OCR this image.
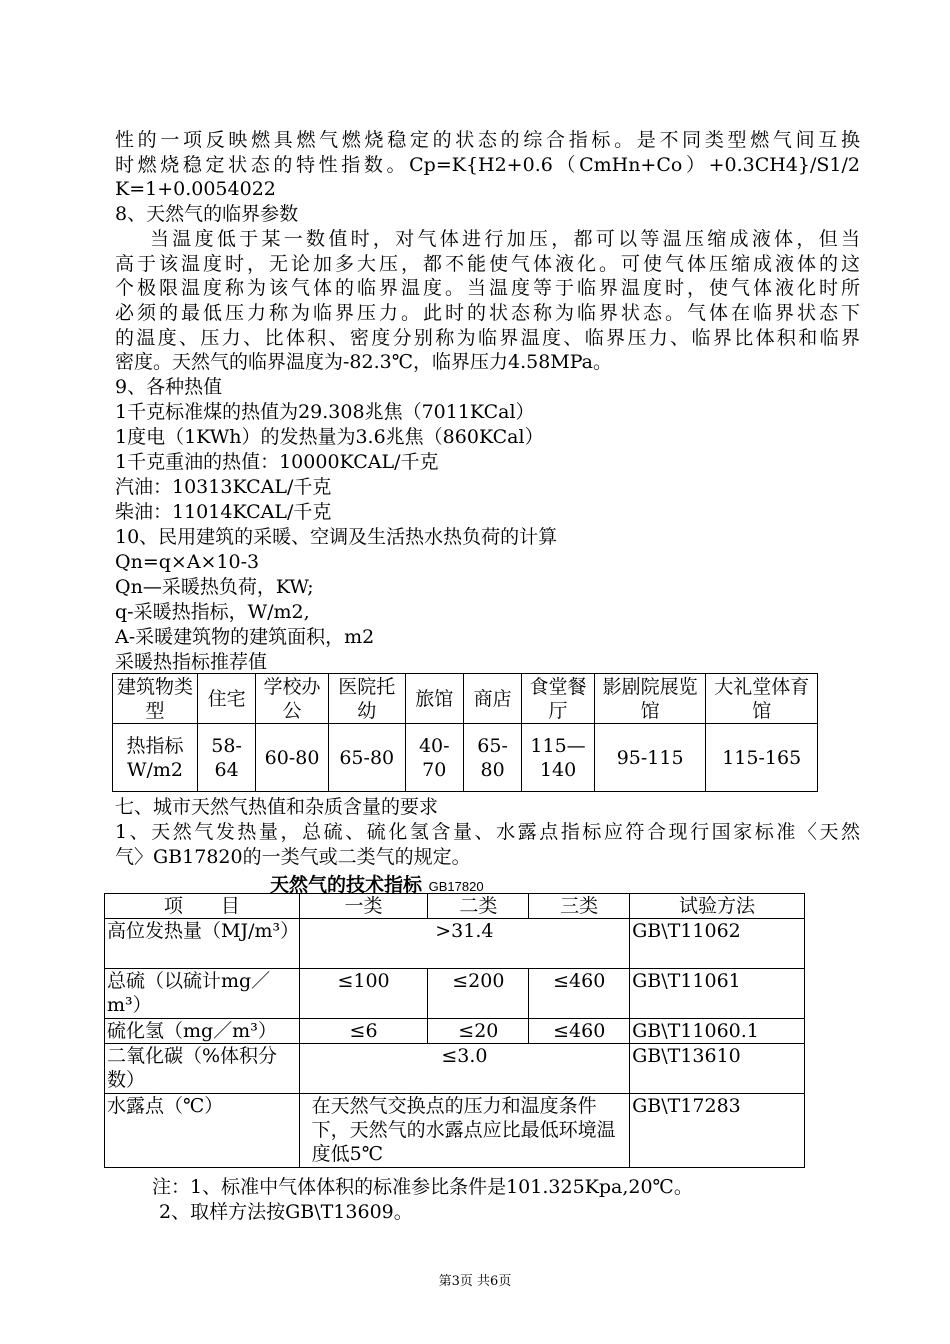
性的一项反映燃具燃气燃烧稳定的状态的综合指标。是不同类型燃气间互换
时燃烧稳定状态的特性指数。Cp=K{H2+0.6（CmHn+Co）+0.3CH4}/S1/2
K=1+0.0054022
8、天然气的临界参数
当温度低于某一数值时，对气体进行加压，都可以等温压缩成液体，但当
高于该温度时，无论加多大压，都不能使气体液化。可使气体压缩成液体的这
个极限温度称为该气体的临界温度。当温度等于临界温度时，使气体液化时所
必须的最低压力称为临界压力。此时的状态称为临界状态。气体在临界状态下
的温度、压力、比体积、密度分别称为临界温度、临界压力、临界比体积和临界
密度。天然气的临界温度为-82.3℃，临界压力4.58MPa。
9、各种热值
1千克标准煤的热值为29.308兆焦（7011KCal）
1度电（1KWh）的发热量为3.6兆焦（860KCal）
1千克重油的热值：10000KCAL/千克
汽油：10313KCAL/千克
柴油：11014KCAL/千克
10、民用建筑的采暖、空调及生活热水热负荷的计算
Qn=q×A×10-3
Qn—采暖热负荷，KW;
q-采暖热指标，W/m2,
A-采暖建筑物的建筑面积，m2
采暖热指标推荐值
建筑物类型	住宅	学校办公	医院托幼	旅馆	商店	食堂餐厅	影剧院展览馆	大礼堂体育馆
热指标W/m2	58-64	60-80	65-80	40-70	65-80	115—140	95-115	115-165
七、城市天然气热值和杂质含量的要求
1、天然气发热量，总硫、硫化氢含量、水露点指标应符合现行国家标准〈天然
气〉GB17820的一类气或二类气的规定。
天然气的技术指标 GB17820
项　　目	一类	二类	三类	试验方法
高位发热量（MJ/m³）	>31.4			GB\T11062
总硫（以硫计mg／m³）	≤100	≤200	≤460	GB\T11061
硫化氢（mg／m³）	≤6	≤20	≤460	GB\T11060.1
二氧化碳（%体积分数）	≤3.0			GB\T13610
水露点（℃）	在天然气交换点的压力和温度条件下，天然气的水露点应比最低环境温度低5℃			GB\T17283
注：1、标准中气体体积的标准参比条件是101.325Kpa,20℃。
2、取样方法按GB\T13609。
第3页 共6页
